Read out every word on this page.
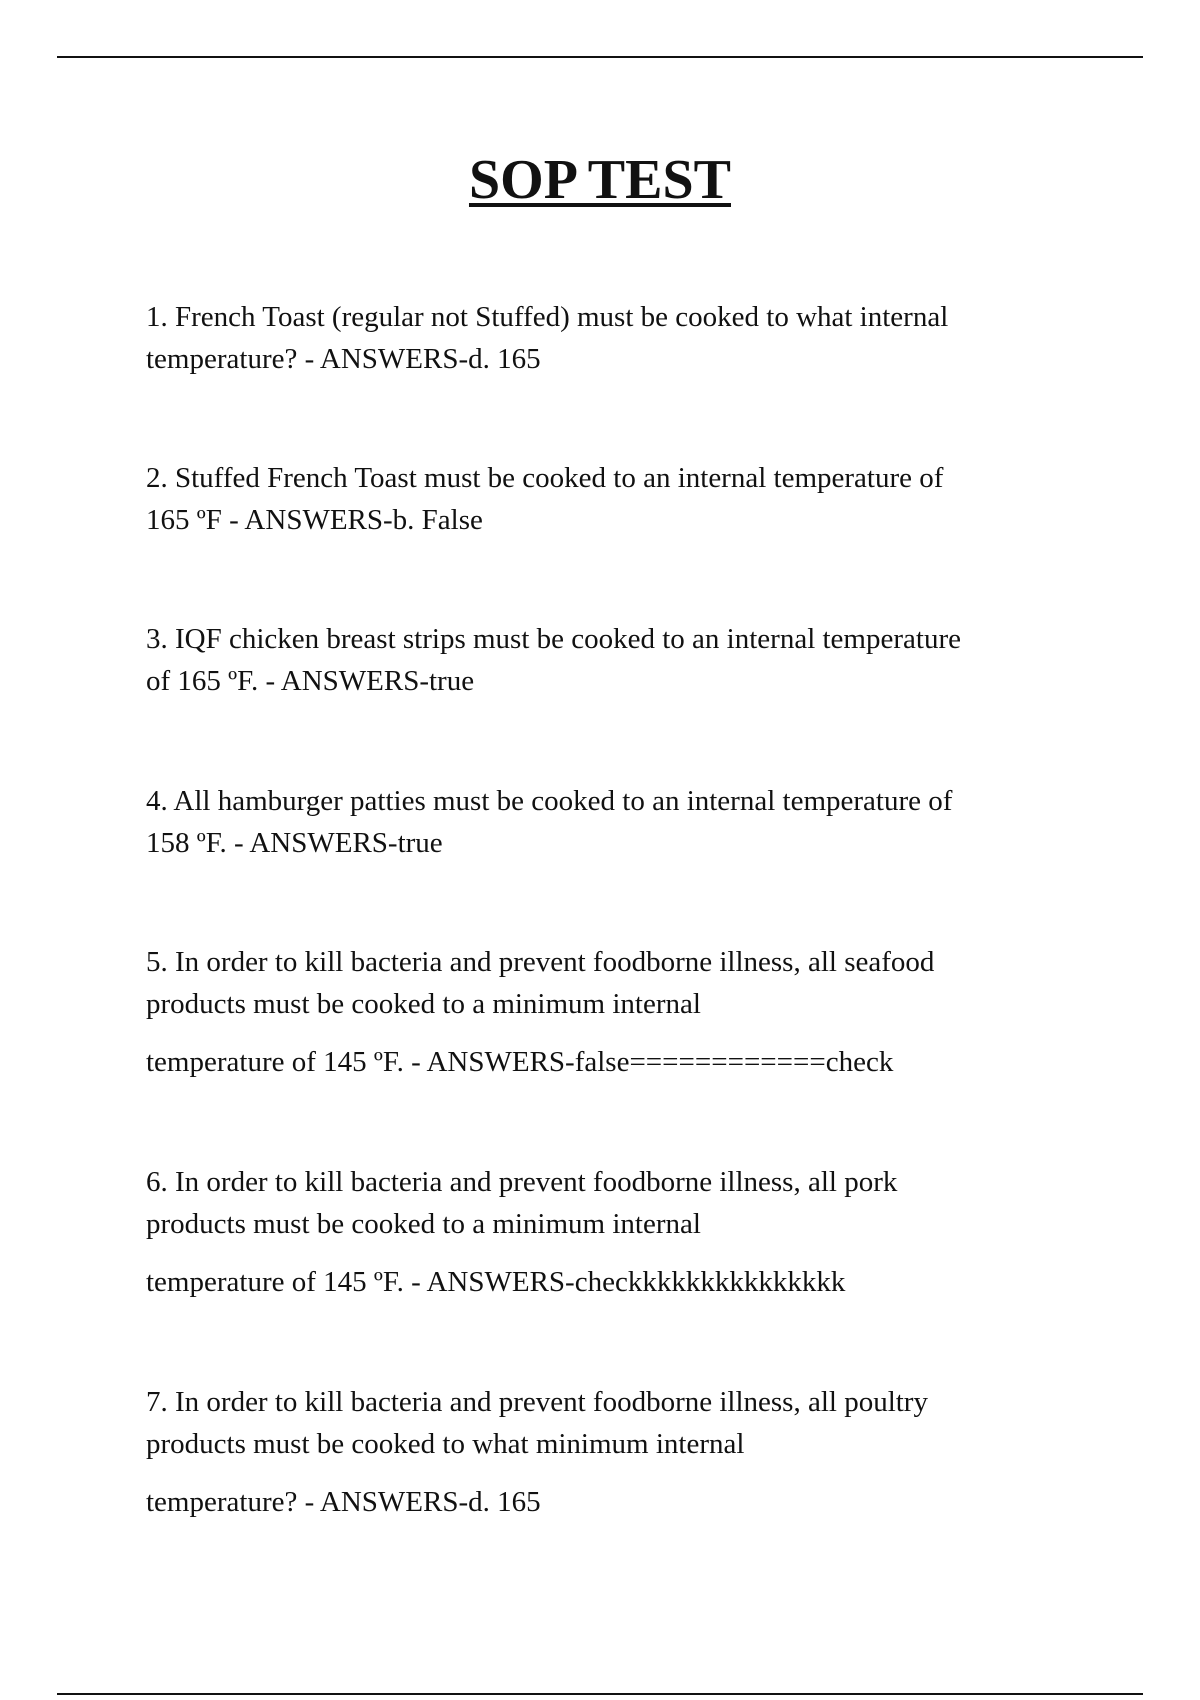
SOP TEST

1. French Toast (regular not Stuffed) must be cooked to what internal

temperature? - ANSWERS-d. 165

2. Stuffed French Toast must be cooked to an internal temperature of

165 ºF - ANSWERS-b. False

3. IQF chicken breast strips must be cooked to an internal temperature

of 165 ºF. - ANSWERS-true

4. All hamburger patties must be cooked to an internal temperature of

158 ºF. - ANSWERS-true

5. In order to kill bacteria and prevent foodborne illness, all seafood

products must be cooked to a minimum internal

temperature of 145 ºF. - ANSWERS-false============check

6. In order to kill bacteria and prevent foodborne illness, all pork

products must be cooked to a minimum internal

temperature of 145 ºF. - ANSWERS-checkkkkkkkkkkkkkkk

7. In order to kill bacteria and prevent foodborne illness, all poultry

products must be cooked to what minimum internal

temperature? - ANSWERS-d. 165
